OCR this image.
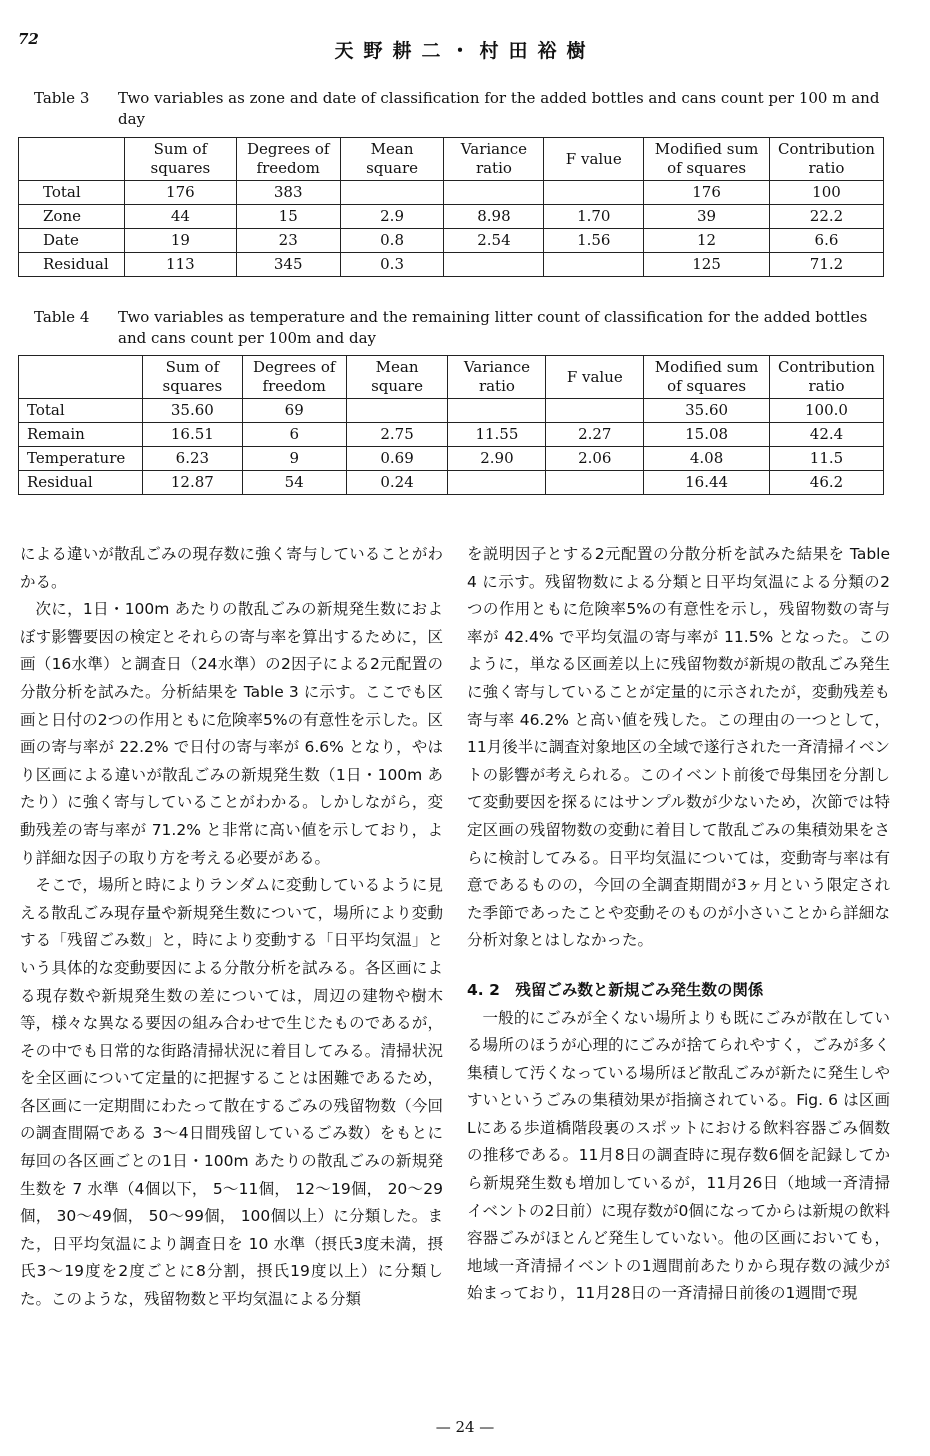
72
天野耕二・村田裕樹
Table 3	Two variables as zone and date of classification for the added bottles and cans count per 100 m and day
	Sum of squares	Degrees of freedom	Mean square	Variance ratio	F value	Modified sum of squares	Contribution ratio
Total	176	383				176	100
Zone	44	15	2.9	8.98	1.70	39	22.2
Date	19	23	0.8	2.54	1.56	12	6.6
Residual	113	345	0.3			125	71.2
Table 4	Two variables as temperature and the remaining litter count of classification for the added bottles and cans count per 100m and day
	Sum of squares	Degrees of freedom	Mean square	Variance ratio	F value	Modified sum of squares	Contribution ratio
Total	35.60	69				35.60	100.0
Remain	16.51	6	2.75	11.55	2.27	15.08	42.4
Temperature	6.23	9	0.69	2.90	2.06	4.08	11.5
Residual	12.87	54	0.24			16.44	46.2

による違いが散乱ごみの現存数に強く寄与していることがわかる。

次に，1日・100m あたりの散乱ごみの新規発生数におよぼす影響要因の検定とそれらの寄与率を算出するために，区画（16水準）と調査日（24水準）の2因子による2元配置の分散分析を試みた。分析結果を Table 3 に示す。ここでも区画と日付の2つの作用ともに危険率5%の有意性を示した。区画の寄与率が 22.2% で日付の寄与率が 6.6% となり，やはり区画による違いが散乱ごみの新規発生数（1日・100m あたり）に強く寄与していることがわかる。しかしながら，変動残差の寄与率が 71.2% と非常に高い値を示しており，より詳細な因子の取り方を考える必要がある。

そこで，場所と時によりランダムに変動しているように見える散乱ごみ現存量や新規発生数について，場所により変動する「残留ごみ数」と，時により変動する「日平均気温」という具体的な変動要因による分散分析を試みる。各区画による現存数や新規発生数の差については，周辺の建物や樹木等，様々な異なる要因の組み合わせで生じたものであるが，その中でも日常的な街路清掃状況に着目してみる。清掃状況を全区画について定量的に把握することは困難であるため，各区画に一定期間にわたって散在するごみの残留物数（今回の調査間隔である 3～4日間残留しているごみ数）をもとに毎回の各区画ごとの1日・100m あたりの散乱ごみの新規発生数を 7 水準（4個以下， 5～11個， 12～19個， 20～29個， 30～49個， 50～99個， 100個以上）に分類した。また，日平均気温により調査日を 10 水準（摂氏3度未満，摂氏3～19度を2度ごとに8分割，摂氏19度以上）に分類した。このような，残留物数と平均気温による分類

を説明因子とする2元配置の分散分析を試みた結果を Table 4 に示す。残留物数による分類と日平均気温による分類の2つの作用ともに危険率5%の有意性を示し，残留物数の寄与率が 42.4% で平均気温の寄与率が 11.5% となった。このように，単なる区画差以上に残留物数が新規の散乱ごみ発生に強く寄与していることが定量的に示されたが，変動残差も寄与率 46.2% と高い値を残した。この理由の一つとして，11月後半に調査対象地区の全域で遂行された一斉清掃イベントの影響が考えられる。このイベント前後で母集団を分割して変動要因を探るにはサンプル数が少ないため，次節では特定区画の残留物数の変動に着目して散乱ごみの集積効果をさらに検討してみる。日平均気温については，変動寄与率は有意であるものの，今回の全調査期間が3ヶ月という限定された季節であったことや変動そのものが小さいことから詳細な分析対象とはしなかった。

4. 2　残留ごみ数と新規ごみ発生数の関係

一般的にごみが全くない場所よりも既にごみが散在している場所のほうが心理的にごみが捨てられやすく，ごみが多く集積して汚くなっている場所ほど散乱ごみが新たに発生しやすいというごみの集積効果が指摘されている。Fig. 6 は区画Lにある歩道橋階段裏のスポットにおける飲料容器ごみ個数の推移である。11月8日の調査時に現存数6個を記録してから新規発生数も増加しているが，11月26日（地域一斉清掃イベントの2日前）に現存数が0個になってからは新規の飲料容器ごみがほとんど発生していない。他の区画においても，地域一斉清掃イベントの1週間前あたりから現存数の減少が始まっており，11月28日の一斉清掃日前後の1週間で現

— 24 —
